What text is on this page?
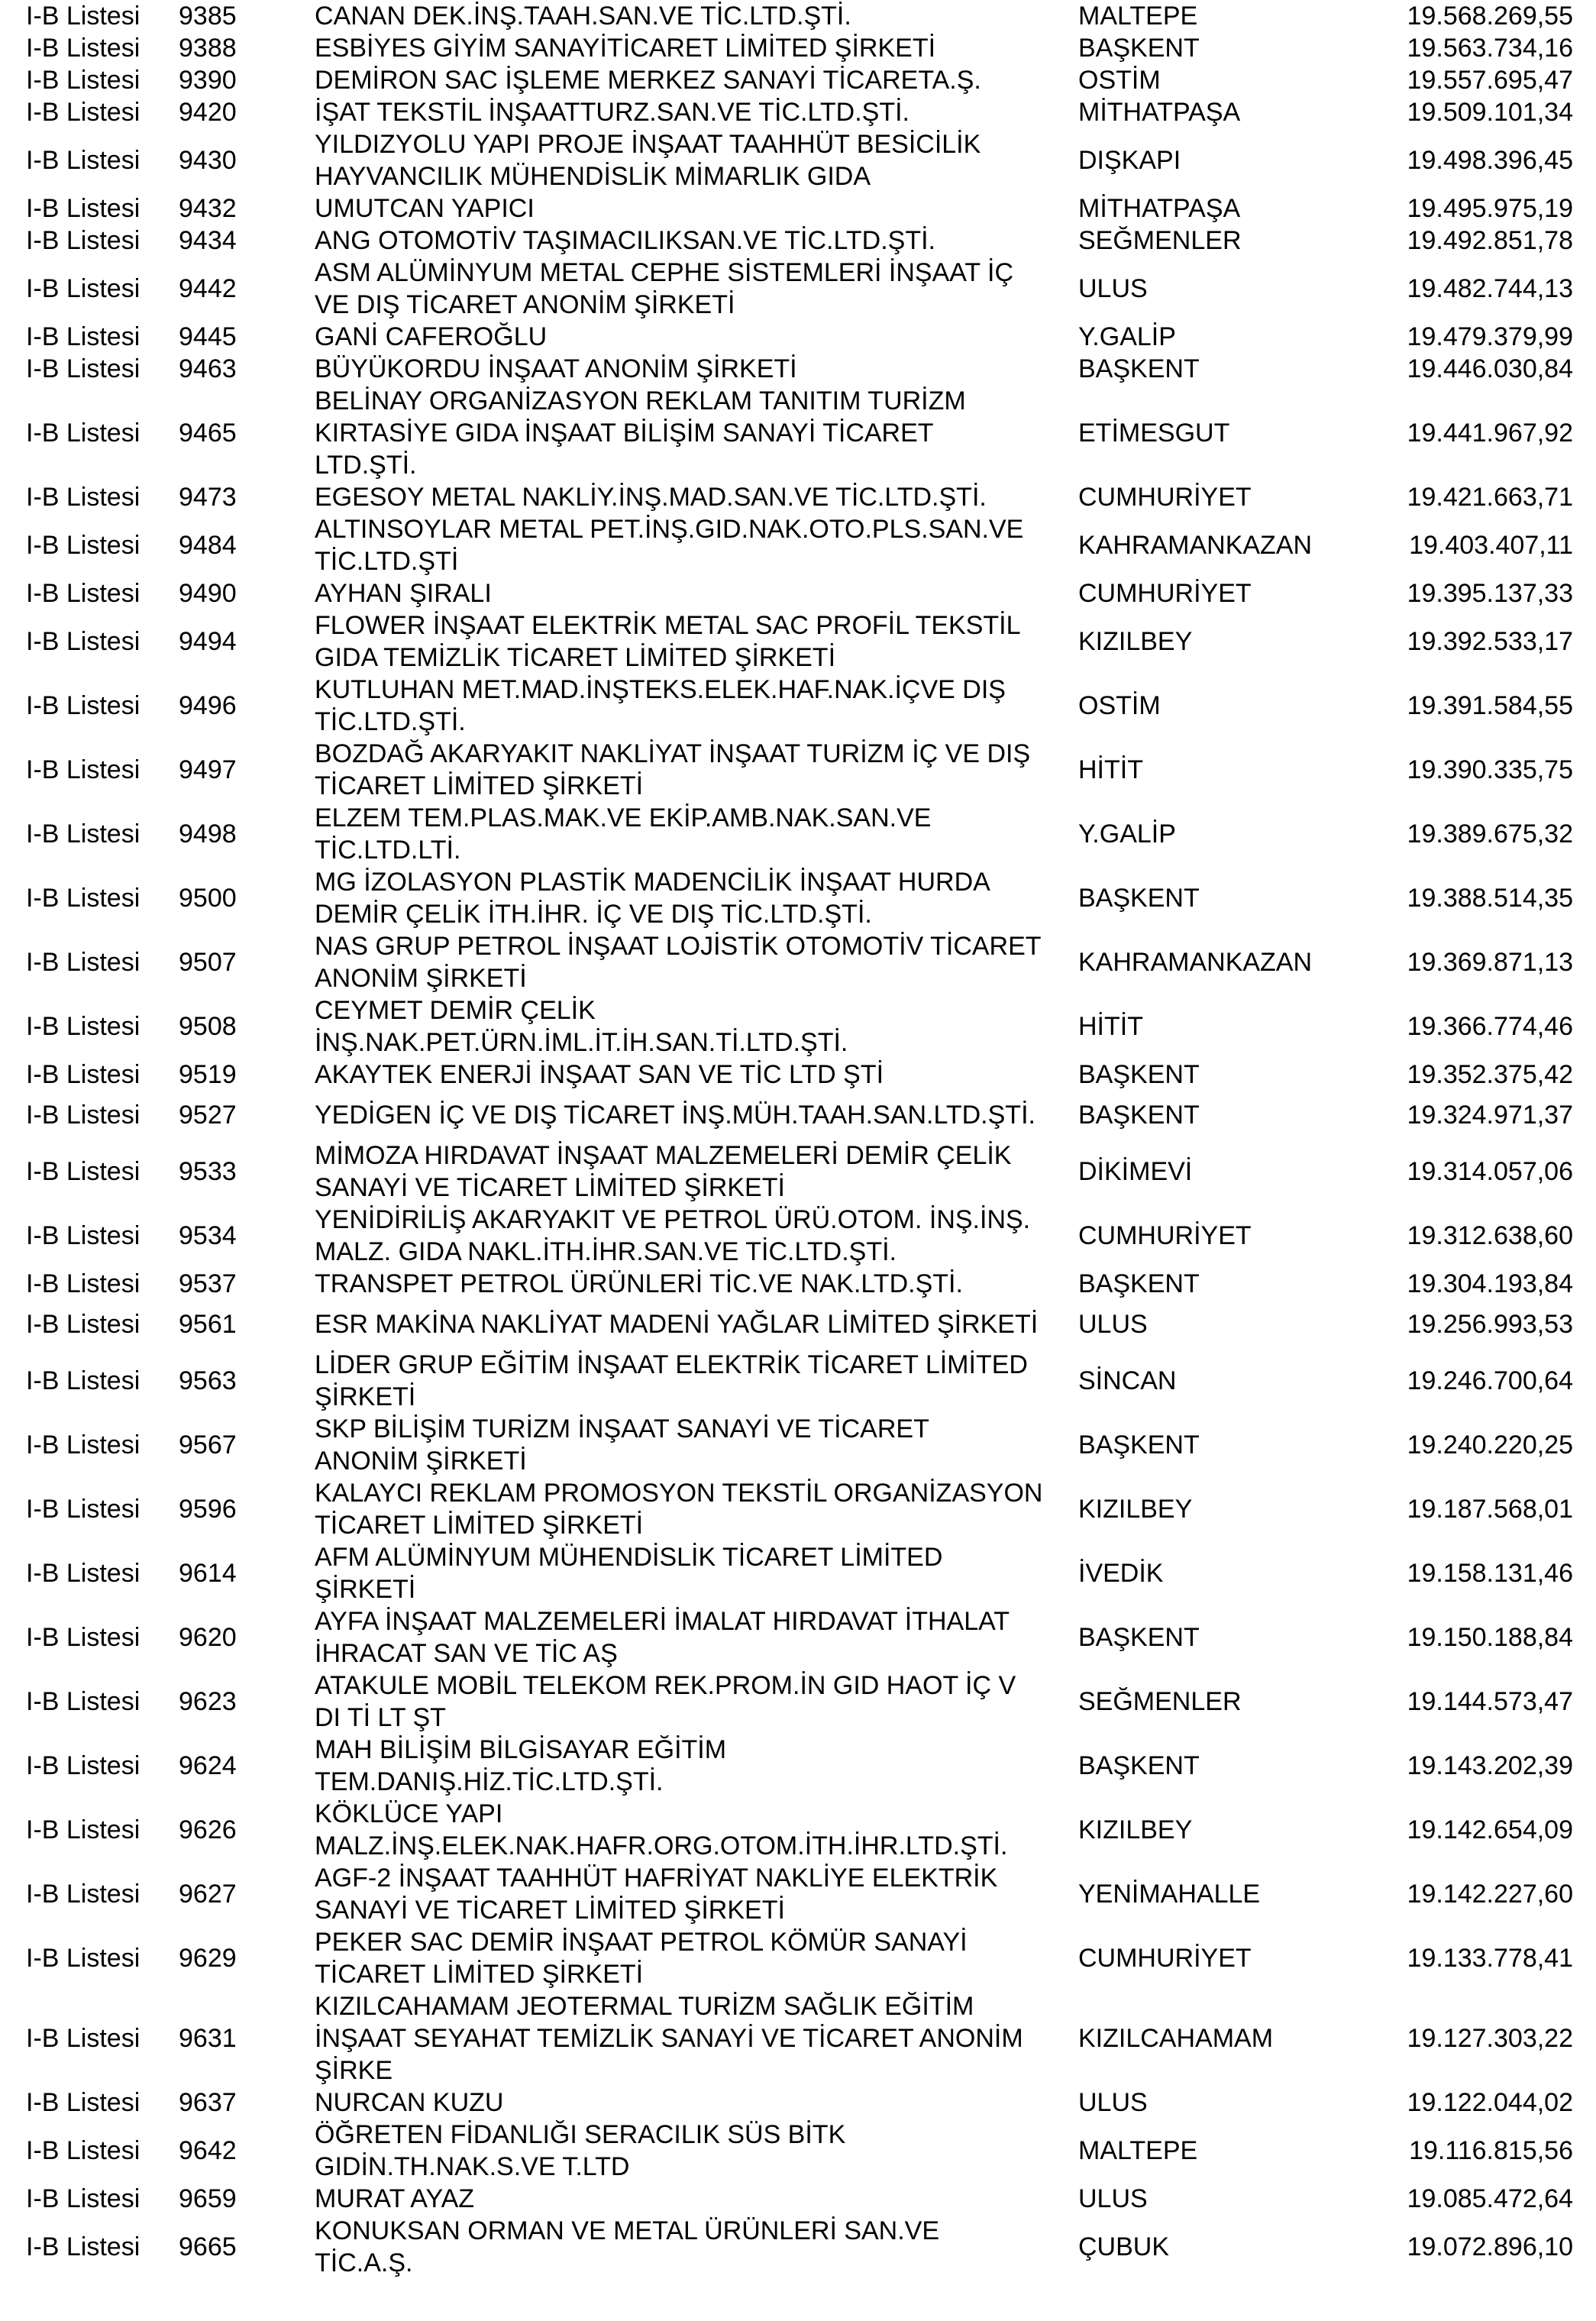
I-B Listesi	9385	CANAN DEK.İNŞ.TAAH.SAN.VE TİC.LTD.ŞTİ.	MALTEPE	19.568.269,55
I-B Listesi	9388	ESBİYES GİYİM SANAYİTİCARET LİMİTED ŞİRKETİ	BAŞKENT	19.563.734,16
I-B Listesi	9390	DEMİRON SAC İŞLEME MERKEZ SANAYİ TİCARETA.Ş.	OSTİM	19.557.695,47
I-B Listesi	9420	İŞAT TEKSTİL İNŞAATTURZ.SAN.VE TİC.LTD.ŞTİ.	MİTHATPAŞA	19.509.101,34
I-B Listesi	9430	YILDIZYOLU YAPI PROJE İNŞAAT TAAHHÜT BESİCİLİK
HAYVANCILIK MÜHENDİSLİK MİMARLIK GIDA	DIŞKAPI	19.498.396,45
I-B Listesi	9432	UMUTCAN YAPICI	MİTHATPAŞA	19.495.975,19
I-B Listesi	9434	ANG OTOMOTİV TAŞIMACILIKSAN.VE TİC.LTD.ŞTİ.	SEĞMENLER	19.492.851,78
I-B Listesi	9442	ASM ALÜMİNYUM METAL CEPHE SİSTEMLERİ İNŞAAT İÇ
VE DIŞ TİCARET ANONİM ŞİRKETİ	ULUS	19.482.744,13
I-B Listesi	9445	GANİ CAFEROĞLU	Y.GALİP	19.479.379,99
I-B Listesi	9463	BÜYÜKORDU İNŞAAT ANONİM ŞİRKETİ	BAŞKENT	19.446.030,84
I-B Listesi	9465	BELİNAY ORGANİZASYON REKLAM TANITIM TURİZM
KIRTASİYE GIDA İNŞAAT BİLİŞİM SANAYİ TİCARET
LTD.ŞTİ.	ETİMESGUT	19.441.967,92
I-B Listesi	9473	EGESOY METAL NAKLİY.İNŞ.MAD.SAN.VE TİC.LTD.ŞTİ.	CUMHURİYET	19.421.663,71
I-B Listesi	9484	ALTINSOYLAR METAL PET.İNŞ.GID.NAK.OTO.PLS.SAN.VE
TİC.LTD.ŞTİ	KAHRAMANKAZAN	19.403.407,11
I-B Listesi	9490	AYHAN ŞIRALI	CUMHURİYET	19.395.137,33
I-B Listesi	9494	FLOWER İNŞAAT ELEKTRİK METAL SAC PROFİL TEKSTİL
GIDA TEMİZLİK TİCARET LİMİTED ŞİRKETİ	KIZILBEY	19.392.533,17
I-B Listesi	9496	KUTLUHAN MET.MAD.İNŞTEKS.ELEK.HAF.NAK.İÇVE DIŞ
TİC.LTD.ŞTİ.	OSTİM	19.391.584,55
I-B Listesi	9497	BOZDAĞ AKARYAKIT NAKLİYAT İNŞAAT TURİZM İÇ VE DIŞ
TİCARET LİMİTED ŞİRKETİ	HİTİT	19.390.335,75
I-B Listesi	9498	ELZEM TEM.PLAS.MAK.VE EKİP.AMB.NAK.SAN.VE
TİC.LTD.LTİ.	Y.GALİP	19.389.675,32
I-B Listesi	9500	MG İZOLASYON PLASTİK MADENCİLİK İNŞAAT HURDA
DEMİR ÇELİK İTH.İHR. İÇ VE DIŞ TİC.LTD.ŞTİ.	BAŞKENT	19.388.514,35
I-B Listesi	9507	NAS GRUP PETROL İNŞAAT LOJİSTİK OTOMOTİV TİCARET
ANONİM ŞİRKETİ	KAHRAMANKAZAN	19.369.871,13
I-B Listesi	9508	CEYMET DEMİR ÇELİK
İNŞ.NAK.PET.ÜRN.İML.İT.İH.SAN.Tİ.LTD.ŞTİ.	HİTİT	19.366.774,46
I-B Listesi	9519	AKAYTEK ENERJİ İNŞAAT SAN VE TİC LTD ŞTİ	BAŞKENT	19.352.375,42
I-B Listesi	9527	YEDİGEN İÇ VE DIŞ TİCARET İNŞ.MÜH.TAAH.SAN.LTD.ŞTİ.	BAŞKENT	19.324.971,37
I-B Listesi	9533	MİMOZA HIRDAVAT İNŞAAT MALZEMELERİ DEMİR ÇELİK
SANAYİ VE TİCARET LİMİTED ŞİRKETİ	DİKİMEVİ	19.314.057,06
I-B Listesi	9534	YENİDİRİLİŞ AKARYAKIT VE PETROL ÜRÜ.OTOM. İNŞ.İNŞ.
MALZ. GIDA NAKL.İTH.İHR.SAN.VE TİC.LTD.ŞTİ.	CUMHURİYET	19.312.638,60
I-B Listesi	9537	TRANSPET PETROL ÜRÜNLERİ TİC.VE NAK.LTD.ŞTİ.	BAŞKENT	19.304.193,84
I-B Listesi	9561	ESR MAKİNA NAKLİYAT MADENİ YAĞLAR LİMİTED ŞİRKETİ	ULUS	19.256.993,53
I-B Listesi	9563	LİDER GRUP EĞİTİM İNŞAAT ELEKTRİK TİCARET LİMİTED
ŞİRKETİ	SİNCAN	19.246.700,64
I-B Listesi	9567	SKP BİLİŞİM TURİZM İNŞAAT SANAYİ VE TİCARET
ANONİM ŞİRKETİ	BAŞKENT	19.240.220,25
I-B Listesi	9596	KALAYCI REKLAM PROMOSYON TEKSTİL ORGANİZASYON
TİCARET LİMİTED ŞİRKETİ	KIZILBEY	19.187.568,01
I-B Listesi	9614	AFM ALÜMİNYUM MÜHENDİSLİK TİCARET LİMİTED
ŞİRKETİ	İVEDİK	19.158.131,46
I-B Listesi	9620	AYFA İNŞAAT MALZEMELERİ İMALAT HIRDAVAT İTHALAT
İHRACAT SAN VE TİC AŞ	BAŞKENT	19.150.188,84
I-B Listesi	9623	ATAKULE MOBİL TELEKOM REK.PROM.İN GID HAOT İÇ V
DI Tİ LT ŞT	SEĞMENLER	19.144.573,47
I-B Listesi	9624	MAH BİLİŞİM BİLGİSAYAR EĞİTİM
TEM.DANIŞ.HİZ.TİC.LTD.ŞTİ.	BAŞKENT	19.143.202,39
I-B Listesi	9626	KÖKLÜCE YAPI
MALZ.İNŞ.ELEK.NAK.HAFR.ORG.OTOM.İTH.İHR.LTD.ŞTİ.	KIZILBEY	19.142.654,09
I-B Listesi	9627	AGF-2 İNŞAAT TAAHHÜT HAFRİYAT NAKLİYE ELEKTRİK
SANAYİ VE TİCARET LİMİTED ŞİRKETİ	YENİMAHALLE	19.142.227,60
I-B Listesi	9629	PEKER SAC DEMİR İNŞAAT PETROL KÖMÜR SANAYİ
TİCARET LİMİTED ŞİRKETİ	CUMHURİYET	19.133.778,41
I-B Listesi	9631	KIZILCAHAMAM JEOTERMAL TURİZM SAĞLIK EĞİTİM
İNŞAAT SEYAHAT TEMİZLİK SANAYİ VE TİCARET ANONİM
ŞİRKE	KIZILCAHAMAM	19.127.303,22
I-B Listesi	9637	NURCAN KUZU	ULUS	19.122.044,02
I-B Listesi	9642	ÖĞRETEN FİDANLIĞI SERACILIK SÜS BİTK
GIDİN.TH.NAK.S.VE T.LTD	MALTEPE	19.116.815,56
I-B Listesi	9659	MURAT AYAZ	ULUS	19.085.472,64
I-B Listesi	9665	KONUKSAN ORMAN VE METAL ÜRÜNLERİ SAN.VE
TİC.A.Ş.	ÇUBUK	19.072.896,10
